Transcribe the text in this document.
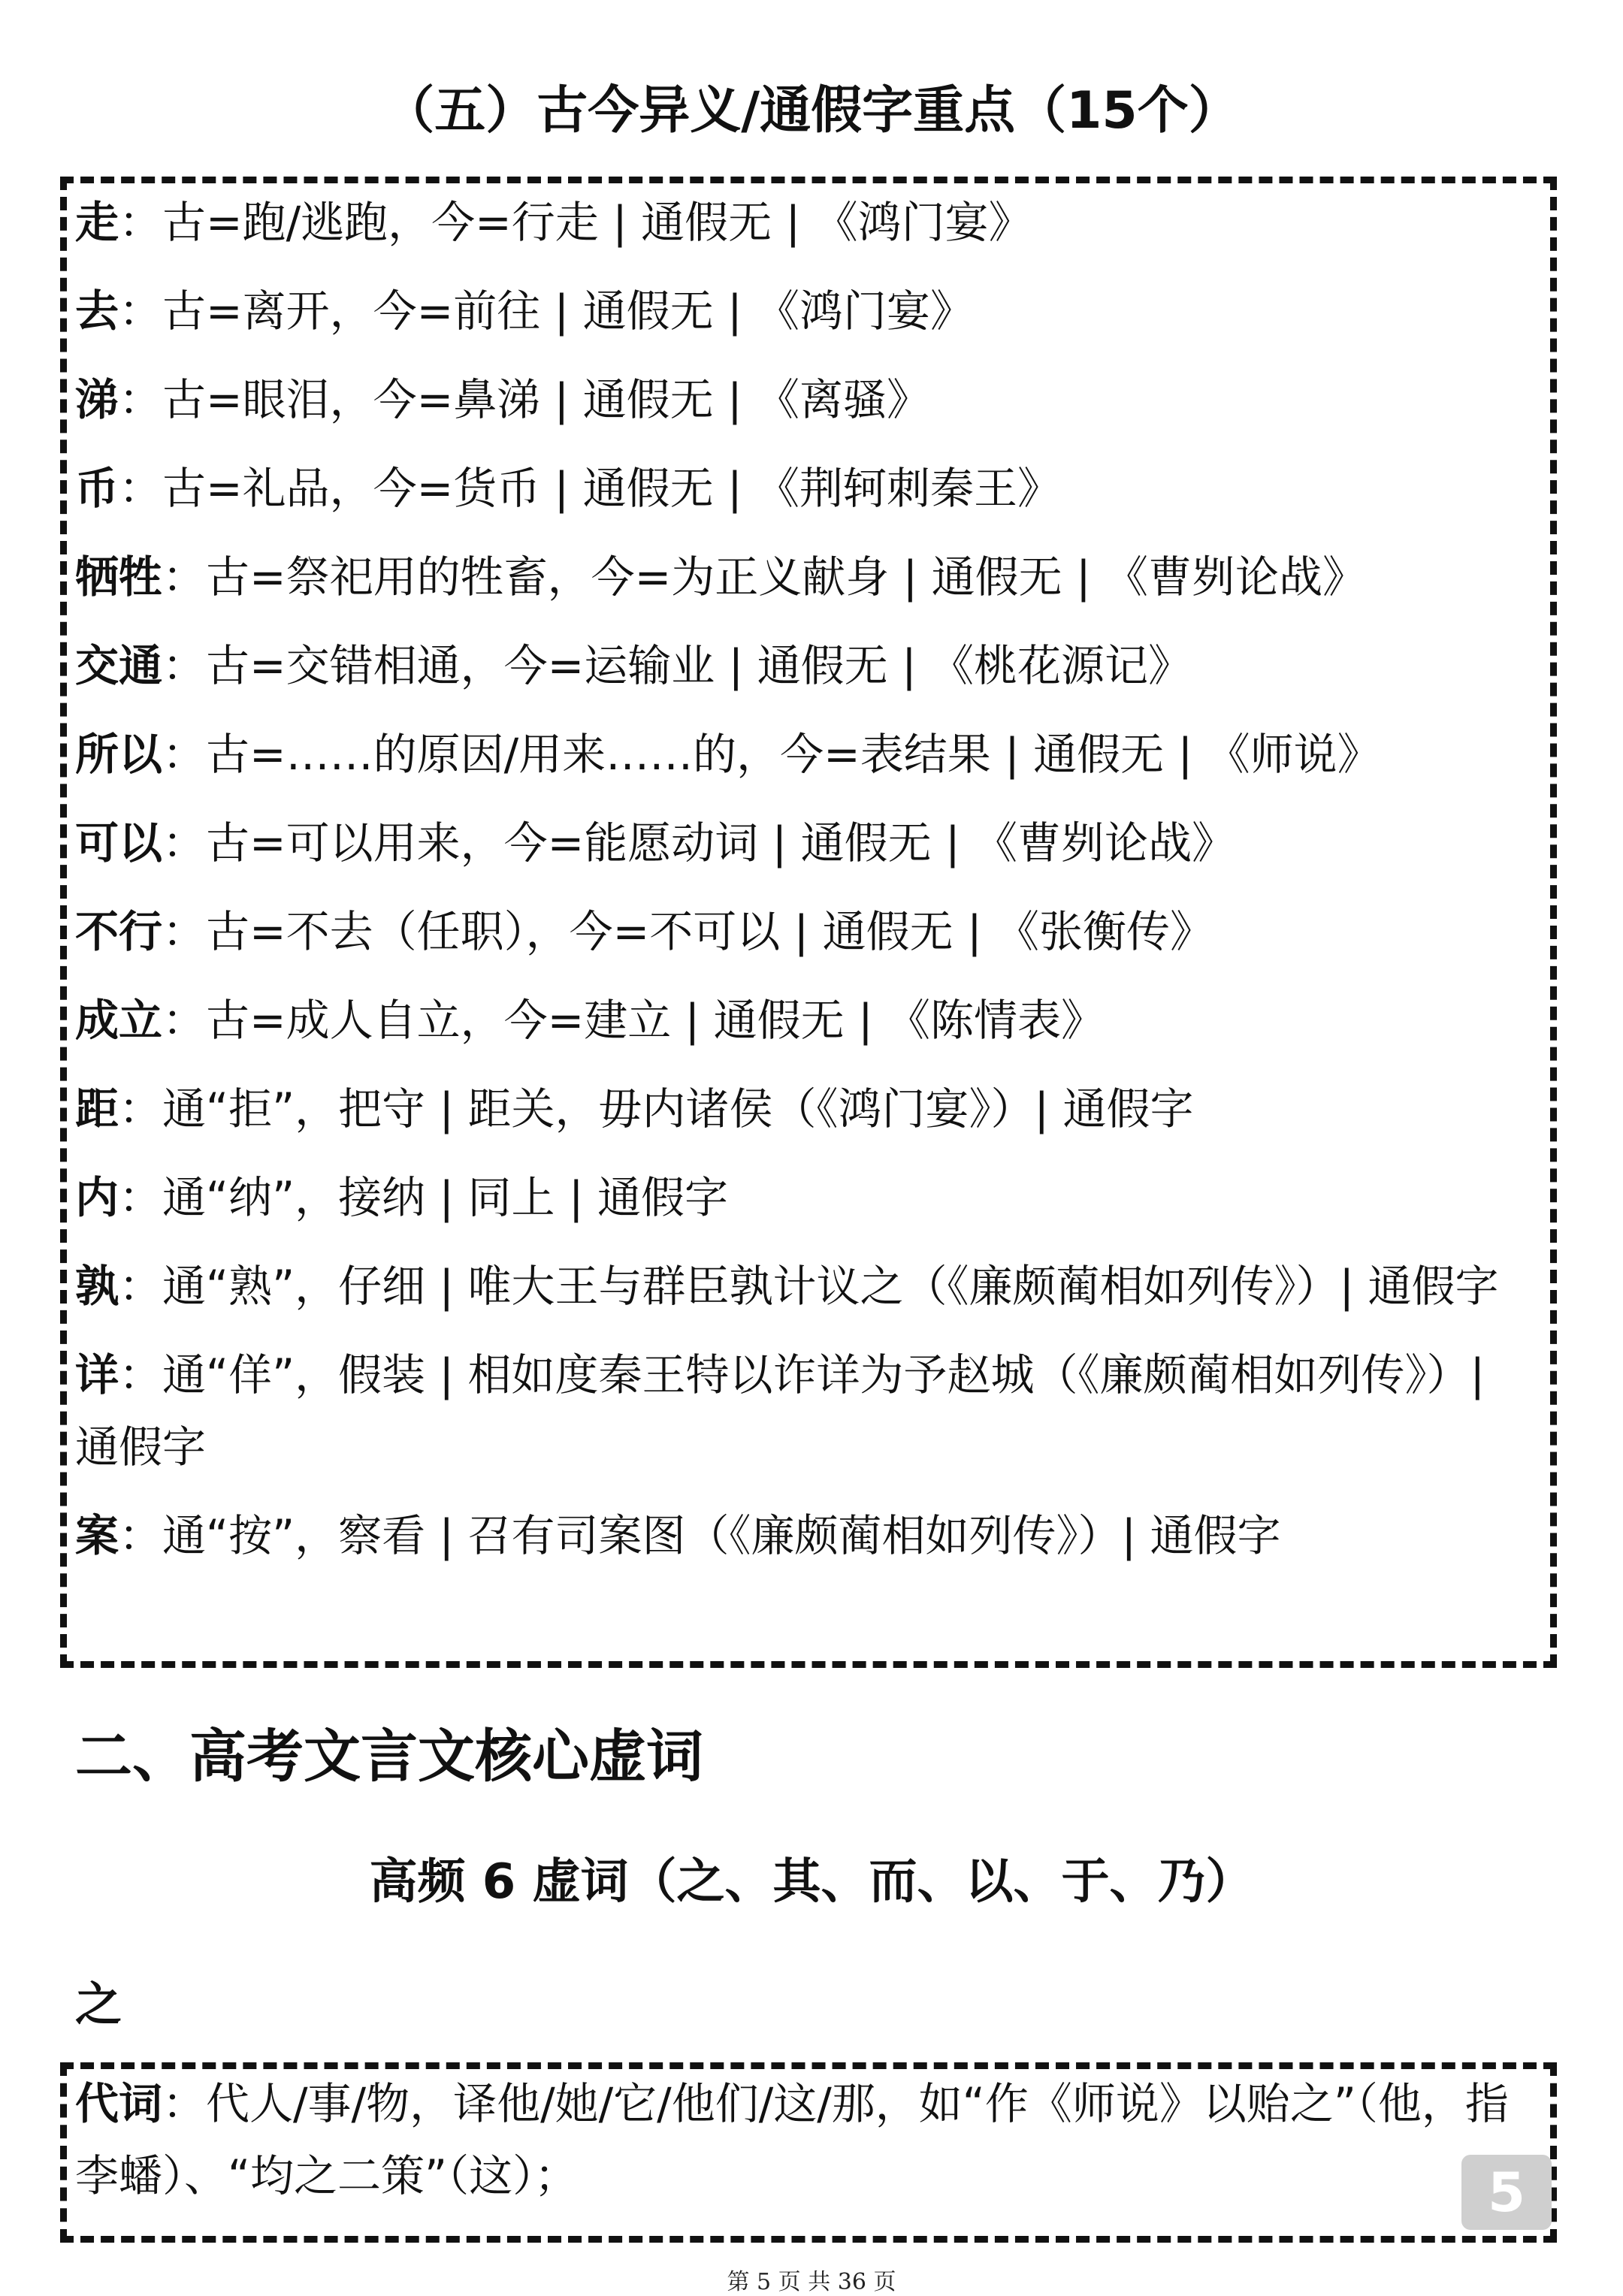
（五）古今异义/通假字重点（15个）
走：古=跑/逃跑，今=行走 | 通假无 | 《鸿门宴》
去：古=离开，今=前往 | 通假无 | 《鸿门宴》
涕：古=眼泪，今=鼻涕 | 通假无 | 《离骚》
币：古=礼品，今=货币 | 通假无 | 《荆轲刺秦王》
牺牲：古=祭祀用的牲畜，今=为正义献身 | 通假无 | 《曹刿论战》
交通：古=交错相通，今=运输业 | 通假无 | 《桃花源记》
所以：古=……的原因/用来……的，今=表结果 | 通假无 | 《师说》
可以：古=可以用来，今=能愿动词 | 通假无 | 《曹刿论战》
不行：古=不去（任职），今=不可以 | 通假无 | 《张衡传》
成立：古=成人自立，今=建立 | 通假无 | 《陈情表》
距：通“拒”，把守 | 距关，毋内诸侯（《鸿门宴》）| 通假字
内：通“纳”，接纳 | 同上 | 通假字
孰：通“熟”，仔细 | 唯大王与群臣孰计议之（《廉颇蔺相如列传》）| 通假字
详：通“佯”，假装 | 相如度秦王特以诈详为予赵城（《廉颇蔺相如列传》）| 通假字
案：通“按”，察看 | 召有司案图（《廉颇蔺相如列传》）| 通假字
二、高考文言文核心虚词
高频 6 虚词（之、其、而、以、于、乃）
之
代词：代人/事/物，译他/她/它/他们/这/那，如“作《师说》以贻之”（他，指李蟠）、“均之二策”（这）；	5
第 5 页 共 36 页
